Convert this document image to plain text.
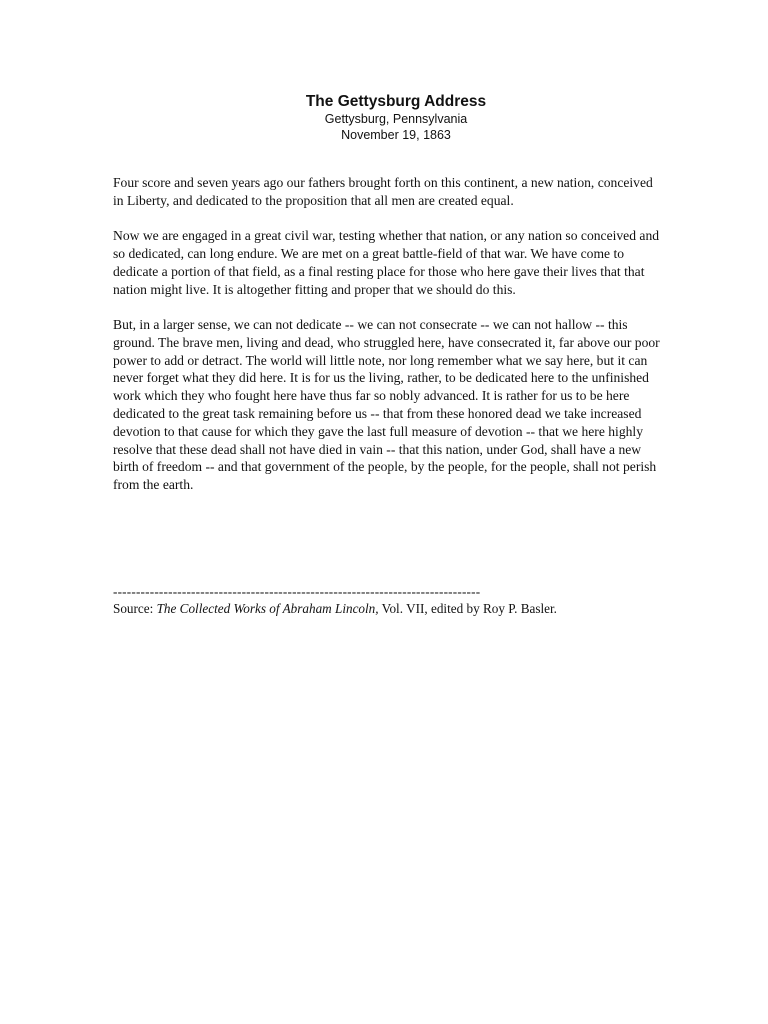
The Gettysburg Address
Gettysburg, Pennsylvania
November 19, 1863

Four score and seven years ago our fathers brought forth on this continent, a new nation, conceived in Liberty, and dedicated to the proposition that all men are created equal.

Now we are engaged in a great civil war, testing whether that nation, or any nation so conceived and so dedicated, can long endure. We are met on a great battle-field of that war. We have come to dedicate a portion of that field, as a final resting place for those who here gave their lives that that nation might live. It is altogether fitting and proper that we should do this.

But, in a larger sense, we can not dedicate -- we can not consecrate -- we can not hallow -- this ground. The brave men, living and dead, who struggled here, have consecrated it, far above our poor power to add or detract. The world will little note, nor long remember what we say here, but it can never forget what they did here. It is for us the living, rather, to be dedicated here to the unfinished work which they who fought here have thus far so nobly advanced. It is rather for us to be here dedicated to the great task remaining before us -- that from these honored dead we take increased devotion to that cause for which they gave the last full measure of devotion -- that we here highly resolve that these dead shall not have died in vain -- that this nation, under God, shall have a new birth of freedom -- and that government of the people, by the people, for the people, shall not perish from the earth.

--------------------------------------------------------------------------------
Source: The Collected Works of Abraham Lincoln, Vol. VII, edited by Roy P. Basler.
